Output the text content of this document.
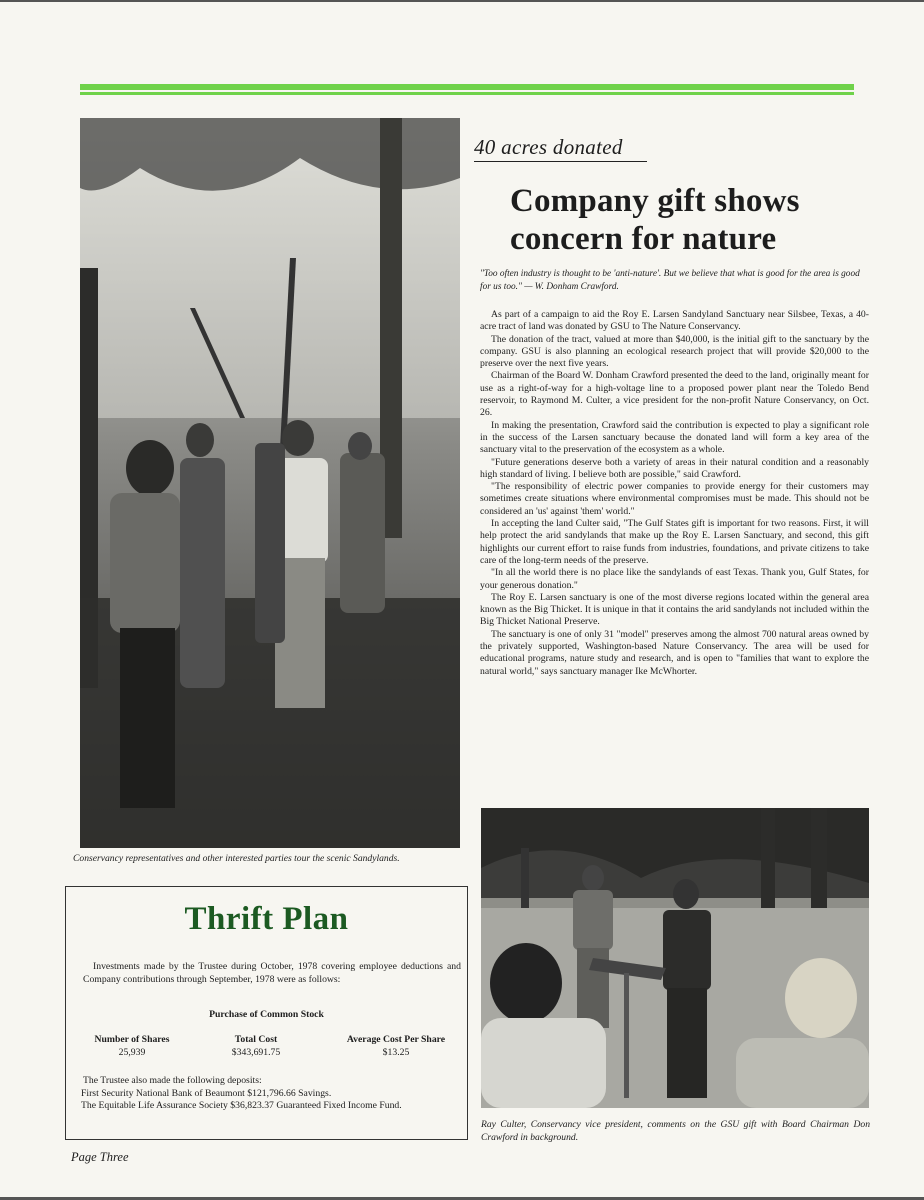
Conservancy representatives and other interested parties tour the scenic Sandylands.
40 acres donated
Company gift shows concern for nature
"Too often industry is thought to be 'anti-nature'. But we believe that what is good for the area is good for us too." — W. Donham Crawford.

As part of a campaign to aid the Roy E. Larsen Sandyland Sanctuary near Silsbee, Texas, a 40-acre tract of land was donated by GSU to The Nature Conservancy.

The donation of the tract, valued at more than $40,000, is the initial gift to the sanctuary by the company. GSU is also planning an ecological research project that will provide $20,000 to the preserve over the next five years.

Chairman of the Board W. Donham Crawford presented the deed to the land, originally meant for use as a right-of-way for a high-voltage line to a proposed power plant near the Toledo Bend reservoir, to Raymond M. Culter, a vice president for the non-profit Nature Conservancy, on Oct. 26.

In making the presentation, Crawford said the contribution is expected to play a significant role in the success of the Larsen sanctuary because the donated land will form a key area of the sanctuary vital to the preservation of the ecosystem as a whole.

"Future generations deserve both a variety of areas in their natural condition and a reasonably high standard of living. I believe both are possible," said Crawford.

"The responsibility of electric power companies to provide energy for their customers may sometimes create situations where environmental compromises must be made. This should not be considered an 'us' against 'them' world."

In accepting the land Culter said, "The Gulf States gift is important for two reasons. First, it will help protect the arid sandylands that make up the Roy E. Larsen Sanctuary, and second, this gift highlights our current effort to raise funds from industries, foundations, and private citizens to take care of the long-term needs of the preserve.

"In all the world there is no place like the sandylands of east Texas. Thank you, Gulf States, for your generous donation."

The Roy E. Larsen sanctuary is one of the most diverse regions located within the general area known as the Big Thicket. It is unique in that it contains the arid sandylands not included within the Big Thicket National Preserve.

The sanctuary is one of only 31 "model" preserves among the almost 700 natural areas owned by the privately supported, Washington-based Nature Conservancy. The area will be used for educational programs, nature study and research, and is open to "families that want to explore the natural world," says sanctuary manager Ike McWhorter.

Ray Culter, Conservancy vice president, comments on the GSU gift with Board Chairman Don Crawford in background.
Thrift Plan
Investments made by the Trustee during October, 1978 covering employee deductions and Company contributions through September, 1978 were as follows:
Purchase of Common Stock
Number of Shares
25,939
Total Cost
$343,691.75
Average Cost Per Share
$13.25
The Trustee also made the following deposits:
First Security National Bank of Beaumont $121,796.66 Savings.
The Equitable Life Assurance Society $36,823.37 Guaranteed Fixed Income Fund.
Page Three
